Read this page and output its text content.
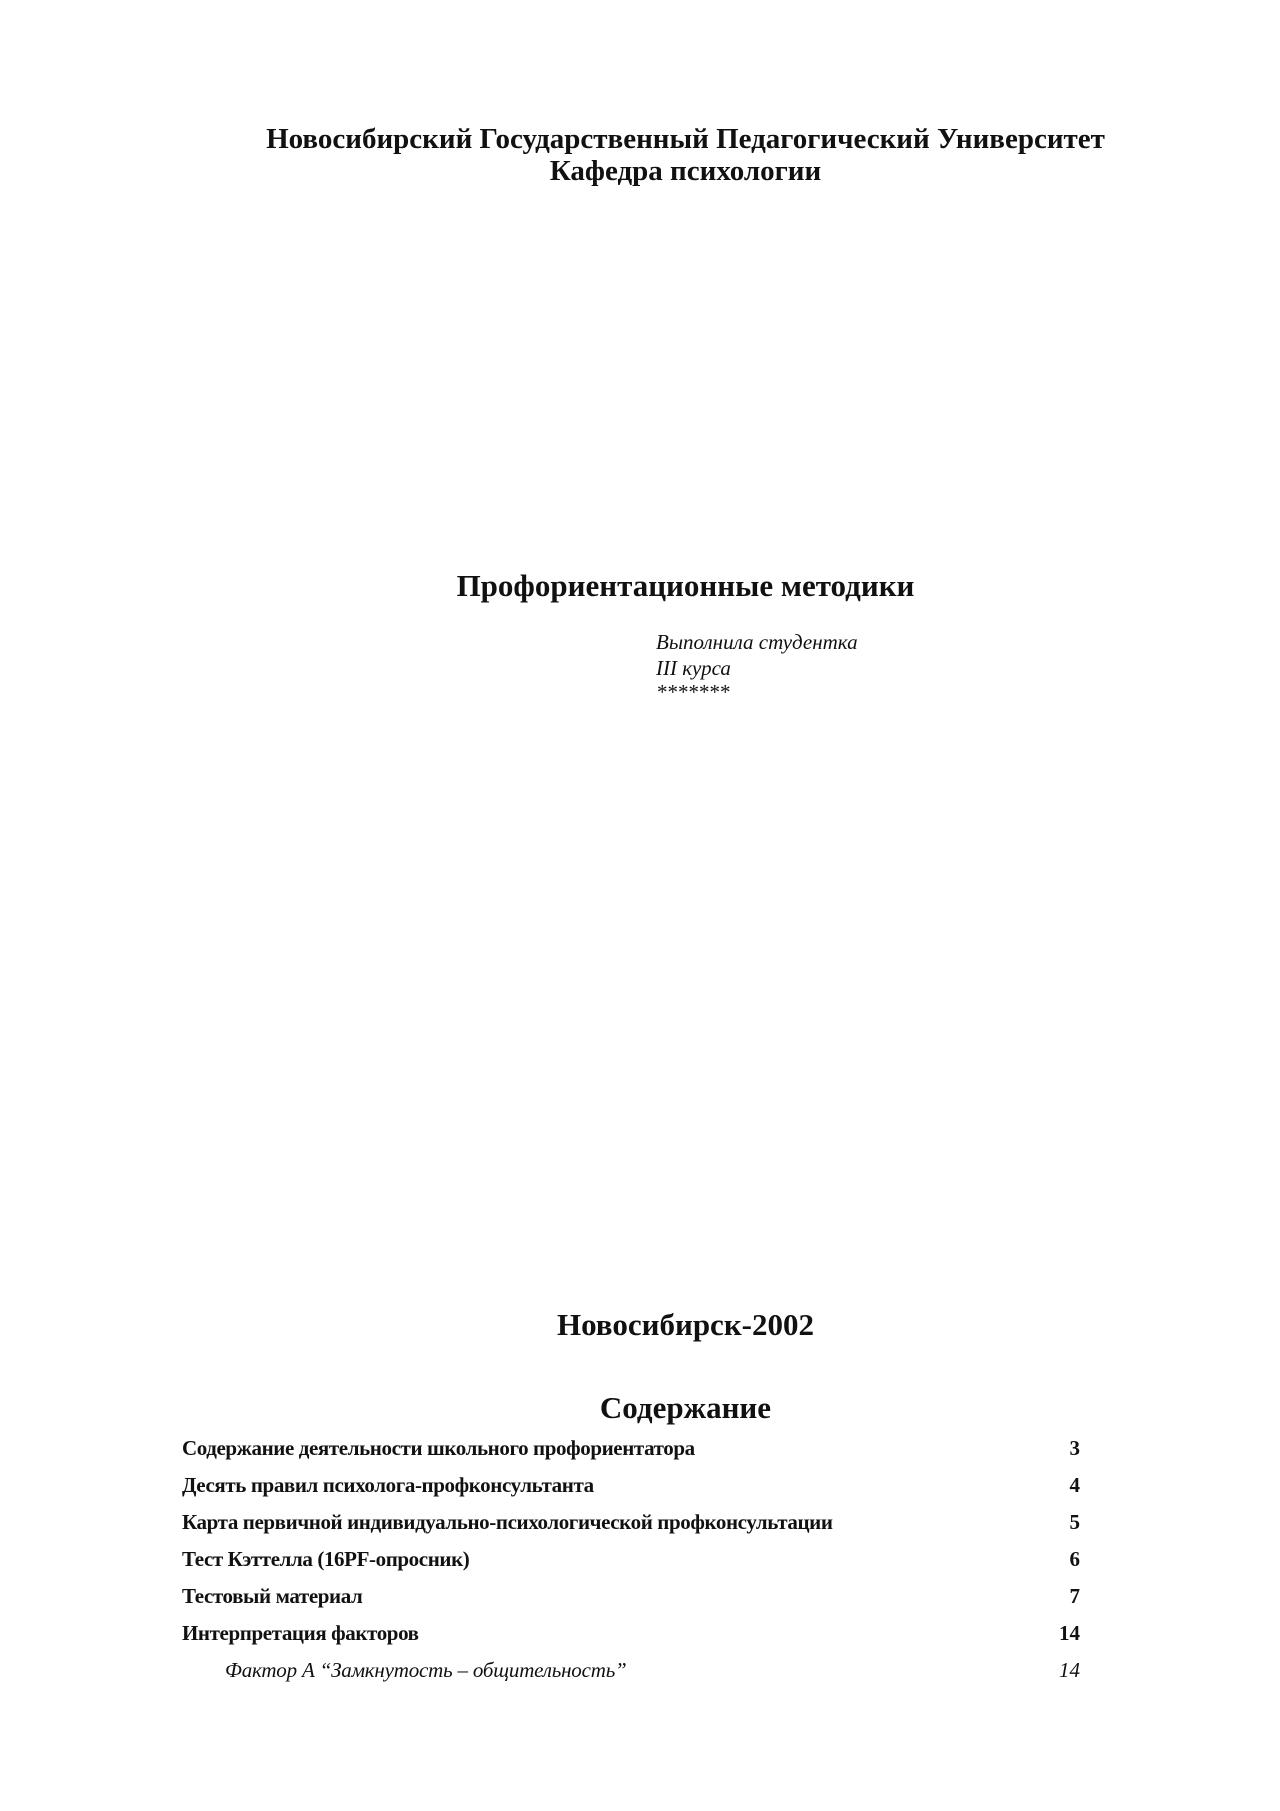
Новосибирский Государственный Педагогический Университет
Кафедра психологии
Профориентационные методики
Выполнила студентка
III курса
*******
Новосибирск-2002
Содержание
Содержание деятельности школьного профориентатора	3
Десять правил психолога-профконсультанта	4
Карта первичной индивидуально-психологической профконсультации	5
Тест Кэттелла (16PF-опросник)	6
Тестовый материал	7
Интерпретация факторов	14
Фактор А “Замкнутость – общительность”	14
